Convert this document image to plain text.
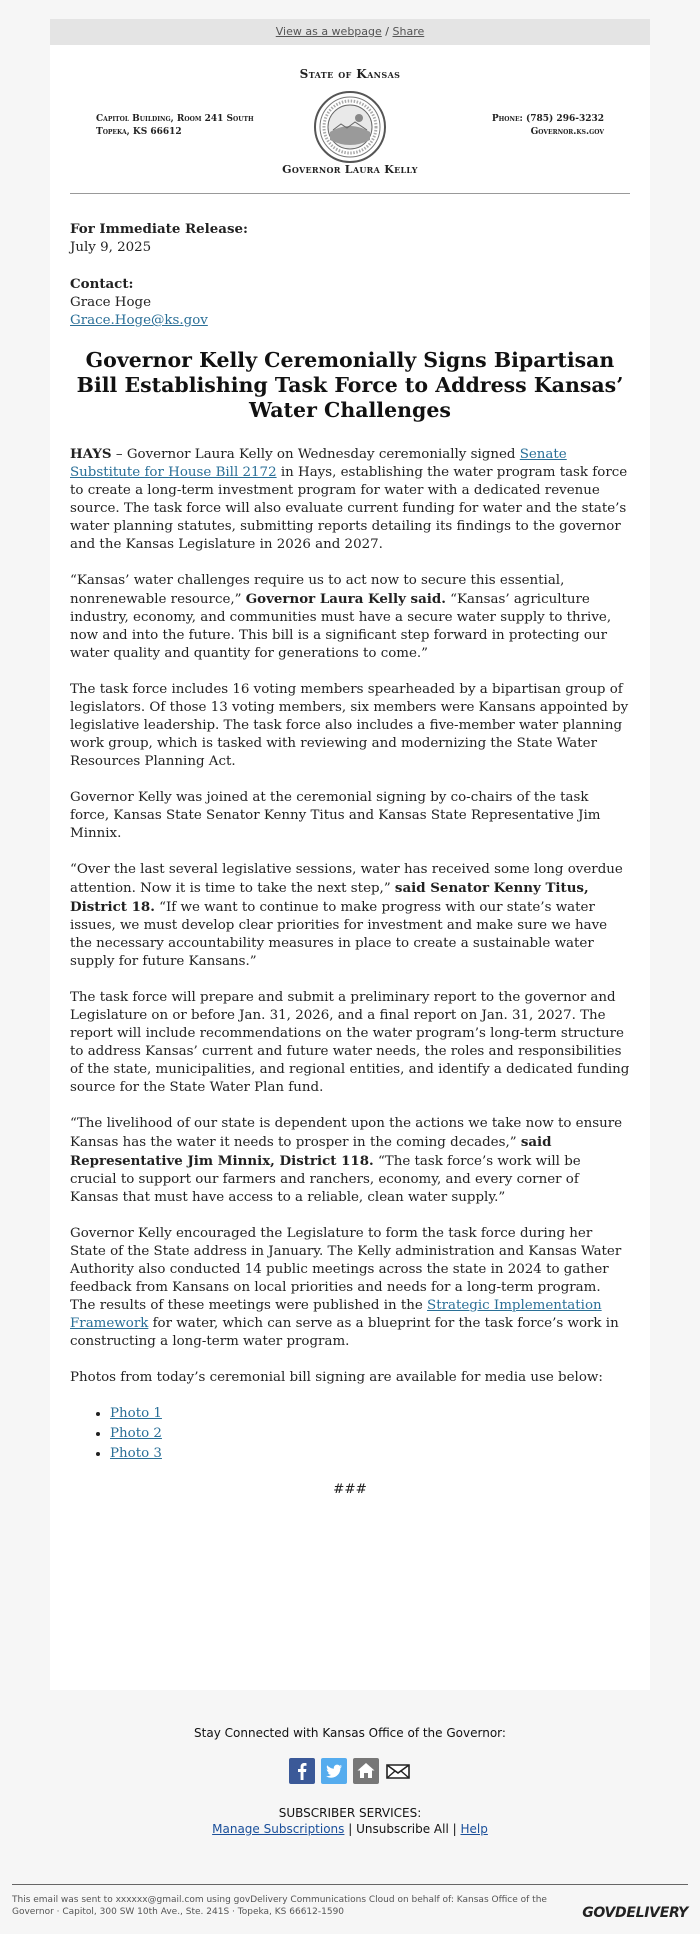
View as a webpage / Share
State of Kansas
Capitol Building, Room 241 South
Topeka, KS 66612
Phone: (785) 296-3232
Governor.ks.gov
Governor Laura Kelly

For Immediate Release:
July 9, 2025

Contact:
Grace Hoge
Grace.Hoge@ks.gov

Governor Kelly Ceremonially Signs Bipartisan Bill Establishing Task Force to Address Kansas’ Water Challenges

HAYS – Governor Laura Kelly on Wednesday ceremonially signed Senate Substitute for House Bill 2172 in Hays, establishing the water program task force to create a long-term investment program for water with a dedicated revenue source. The task force will also evaluate current funding for water and the state’s water planning statutes, submitting reports detailing its findings to the governor and the Kansas Legislature in 2026 and 2027.

“Kansas’ water challenges require us to act now to secure this essential, nonrenewable resource,” Governor Laura Kelly said. “Kansas’ agriculture industry, economy, and communities must have a secure water supply to thrive, now and into the future. This bill is a significant step forward in protecting our water quality and quantity for generations to come.”

The task force includes 16 voting members spearheaded by a bipartisan group of legislators. Of those 13 voting members, six members were Kansans appointed by legislative leadership. The task force also includes a five-member water planning work group, which is tasked with reviewing and modernizing the State Water Resources Planning Act.

Governor Kelly was joined at the ceremonial signing by co-chairs of the task force, Kansas State Senator Kenny Titus and Kansas State Representative Jim Minnix.

“Over the last several legislative sessions, water has received some long overdue attention. Now it is time to take the next step,” said Senator Kenny Titus, District 18. “If we want to continue to make progress with our state’s water issues, we must develop clear priorities for investment and make sure we have the necessary accountability measures in place to create a sustainable water supply for future Kansans.”

The task force will prepare and submit a preliminary report to the governor and Legislature on or before Jan. 31, 2026, and a final report on Jan. 31, 2027. The report will include recommendations on the water program’s long-term structure to address Kansas’ current and future water needs, the roles and responsibilities of the state, municipalities, and regional entities, and identify a dedicated funding source for the State Water Plan fund.

“The livelihood of our state is dependent upon the actions we take now to ensure Kansas has the water it needs to prosper in the coming decades,” said Representative Jim Minnix, District 118. “The task force’s work will be crucial to support our farmers and ranchers, economy, and every corner of Kansas that must have access to a reliable, clean water supply.”

Governor Kelly encouraged the Legislature to form the task force during her State of the State address in January. The Kelly administration and Kansas Water Authority also conducted 14 public meetings across the state in 2024 to gather feedback from Kansans on local priorities and needs for a long-term program. The results of these meetings were published in the Strategic Implementation Framework for water, which can serve as a blueprint for the task force’s work in constructing a long-term water program.

Photos from today’s ceremonial bill signing are available for media use below:

• Photo 1
• Photo 2
• Photo 3

###

Stay Connected with Kansas Office of the Governor:
SUBSCRIBER SERVICES:
Manage Subscriptions | Unsubscribe All | Help
This email was sent to xxxxxx@gmail.com using govDelivery Communications Cloud on behalf of: Kansas Office of the Governor · Capitol, 300 SW 10th Ave., Ste. 241S · Topeka, KS 66612-1590	GOVDELIVERY
